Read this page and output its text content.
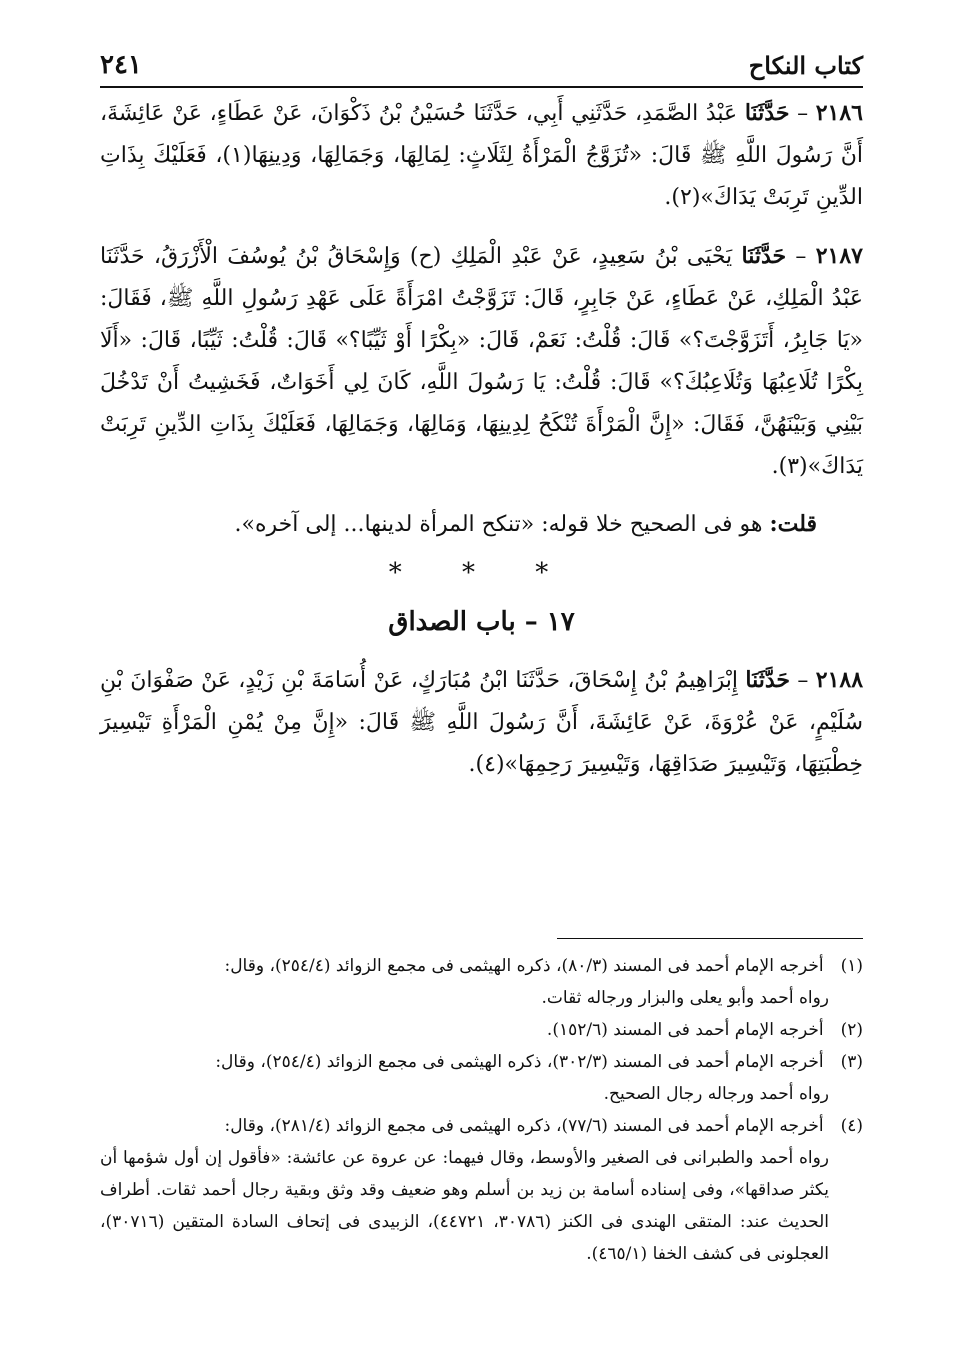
كتاب النكاح
٢٤١

٢١٨٦ – حَدَّثَنَا عَبْدُ الصَّمَدِ، حَدَّثَنِي أَبِي، حَدَّثَنَا حُسَيْنُ بْنُ ذَكْوَانَ، عَنْ عَطَاءٍ، عَنْ عَائِشَةَ، أَنَّ رَسُولَ اللَّهِ ﷺ قَالَ: «تُزَوَّجُ الْمَرْأَةُ لِثَلَاثٍ: لِمَالِهَا، وَجَمَالِهَا، وَدِينِهَا(١)، فَعَلَيْكَ بِذَاتِ الدِّينِ تَرِبَتْ يَدَاكَ»(٢).

٢١٨٧ – حَدَّثَنَا يَحْيَى بْنُ سَعِيدٍ، عَنْ عَبْدِ الْمَلِكِ (ح) وَإِسْحَاقُ بْنُ يُوسُفَ الْأَزْرَقُ، حَدَّثَنَا عَبْدُ الْمَلِكِ، عَنْ عَطَاءٍ، عَنْ جَابِرٍ، قَالَ: تَزَوَّجْتُ امْرَأَةً عَلَى عَهْدِ رَسُولِ اللَّهِ ﷺ، فَقَالَ: «يَا جَابِرُ، أَتَزَوَّجْتَ؟» قَالَ: قُلْتُ: نَعَمْ، قَالَ: «بِكْرًا أَوْ ثَيِّبًا؟» قَالَ: قُلْتُ: ثَيِّبًا، قَالَ: «أَلَا بِكْرًا تُلَاعِبُهَا وَتُلَاعِبُكَ؟» قَالَ: قُلْتُ: يَا رَسُولَ اللَّهِ، كَانَ لِي أَخَوَاتٌ، فَخَشِيتُ أَنْ تَدْخُلَ بَيْنِي وَبَيْنَهُنَّ، فَقَالَ: «إِنَّ الْمَرْأَةَ تُنْكَحُ لِدِينِهَا، وَمَالِهَا، وَجَمَالِهَا، فَعَلَيْكَ بِذَاتِ الدِّينِ تَرِبَتْ يَدَاكَ»(٣).

قلت: هو فى الصحيح خلا قوله: «تنكح المرأة لدينها... إلى آخره».

* * *
١٧ – باب الصداق

٢١٨٨ – حَدَّثَنَا إِبْرَاهِيمُ بْنُ إِسْحَاقَ، حَدَّثَنَا ابْنُ مُبَارَكٍ، عَنْ أُسَامَةَ بْنِ زَيْدٍ، عَنْ صَفْوَانَ بْنِ سُلَيْمٍ، عَنْ عُرْوَةَ، عَنْ عَائِشَةَ، أَنَّ رَسُولَ اللَّهِ ﷺ قَالَ: «إِنَّ مِنْ يُمْنِ الْمَرْأَةِ تَيْسِيرَ خِطْبَتِهَا، وَتَيْسِيرَ صَدَاقِهَا، وَتَيْسِيرَ رَحِمِهَا»(٤).

(١) أخرجه الإمام أحمد فى المسند (٨٠/٣)، ذكره الهيثمى فى مجمع الزوائد (٢٥٤/٤)، وقال:
رواه أحمد وأبو يعلى والبزار ورجاله ثقات.

(٢) أخرجه الإمام أحمد فى المسند (١٥٢/٦).

(٣) أخرجه الإمام أحمد فى المسند (٣٠٢/٣)، ذكره الهيثمى فى مجمع الزوائد (٢٥٤/٤)، وقال:
رواه أحمد ورجاله رجال الصحيح.

(٤) أخرجه الإمام أحمد فى المسند (٧٧/٦)، ذكره الهيثمى فى مجمع الزوائد (٢٨١/٤)، وقال:
رواه أحمد والطبرانى فى الصغير والأوسط، وقال فيهما: عن عروة عن عائشة: «فأقول إن أول شؤمها أن يكثر صداقها»، وفى إسناده أسامة بن زيد بن أسلم وهو ضعيف وقد وثق وبقية رجال أحمد ثقات. أطراف الحديث عند: المتقى الهندى فى الكنز (٣٠٧٨٦، ٤٤٧٢١)، الزبيدى فى إتحاف السادة المتقين (٣٠٧١٦)، العجلونى فى كشف الخفا (٤٦٥/١).
